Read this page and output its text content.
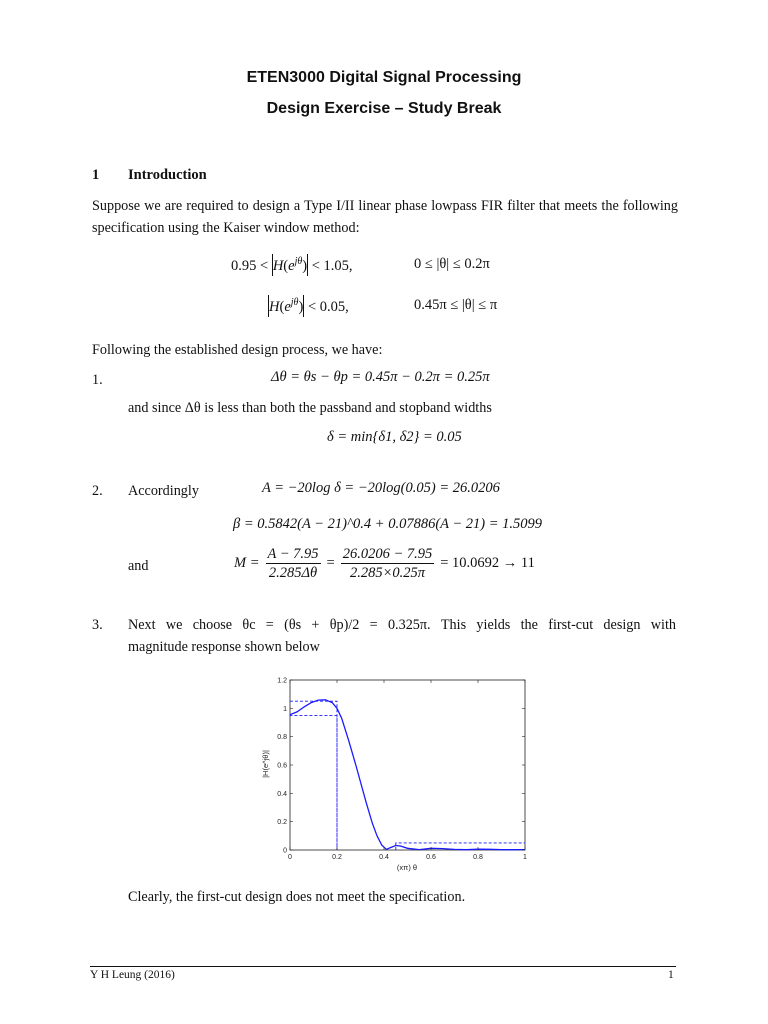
ETEN3000 Digital Signal Processing
Design Exercise – Study Break
1 Introduction
Suppose we are required to design a Type I/II linear phase lowpass FIR filter that meets the following specification using the Kaiser window method:
$0.95 < H(e^{j\theta}) < 1.05$,	0 ≤ |θ| ≤ 0.2π
$H(e^{j\theta}) < 0.05$,	0.45π ≤ |θ| ≤ π
Following the established design process, we have:
1.	Δθ = θs − θp = 0.45π − 0.2π = 0.25π
and since Δθ is less than both the passband and stopband widths
δ = min{δ1, δ2} = 0.05
2. Accordingly	A = −20log δ = −20log(0.05) = 26.0206
β = 0.5842(A − 21)^0.4 + 0.07886(A − 21) = 1.5099
and	$M = \frac{A - 7.95}{2.285\Delta\theta} = \frac{26.0206 - 7.95}{2.285\times 0.25\pi} = 10.0692 \to 11$
3. Next we choose θc = (θs + θp)/2 = 0.325π. This yields the first-cut design with
magnitude response shown below
0	0.2	0.4	0.6	0.8	1
0
0.2
0.4
0.6
0.8
1
1.2
(xπ) θ
|H(e^jθ)|
Clearly, the first-cut design does not meet the specification.
Y H Leung (2016)	1
